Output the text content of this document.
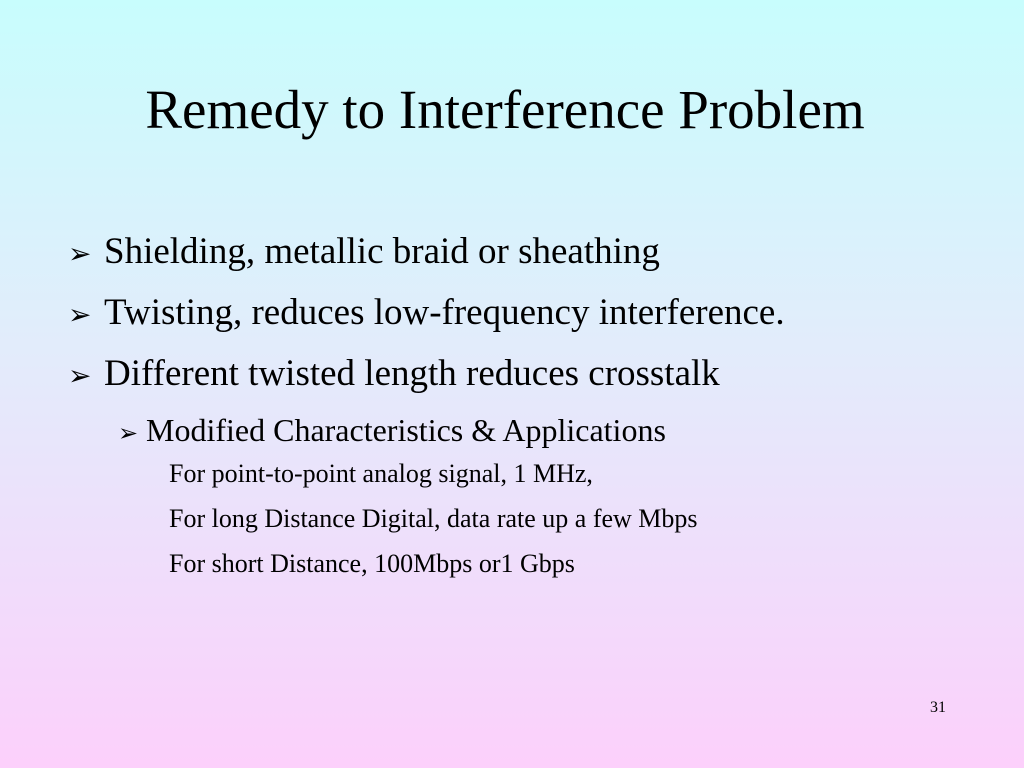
Remedy to Interference Problem
➢ Shielding, metallic braid or sheathing
➢ Twisting, reduces low-frequency interference.
➢ Different twisted length reduces crosstalk
➢ Modified Characteristics & Applications
For point-to-point analog signal, 1 MHz,
For long Distance Digital, data rate up a few Mbps
For short Distance, 100Mbps or1 Gbps
31
